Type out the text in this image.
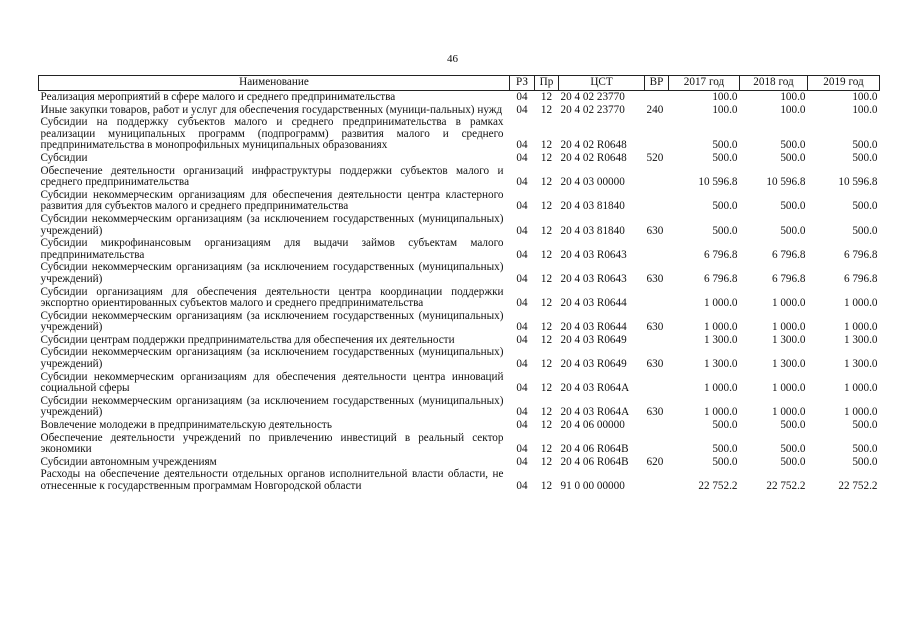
46
Наименование	РЗ	Пр	ЦСТ	ВР	2017 год	2018 год	2019 год
Реализация мероприятий в сфере малого и среднего предпринимательства	04	12	20 4 02 23770		100.0	100.0	100.0
Иные закупки товаров, работ и услуг для обеспечения государственных (муници-пальных) нужд	04	12	20 4 02 23770	240	100.0	100.0	100.0
Субсидии на поддержку субъектов малого и среднего предпринимательства в рамках реализации муниципальных программ (подпрограмм) развития малого и среднего предпринимательства в монопрофильных муниципальных образованиях	04	12	20 4 02 R0648		500.0	500.0	500.0
Субсидии	04	12	20 4 02 R0648	520	500.0	500.0	500.0
Обеспечение деятельности организаций инфраструктуры поддержки субъектов малого и среднего предпринимательства	04	12	20 4 03 00000		10 596.8	10 596.8	10 596.8
Субсидии некоммерческим организациям для обеспечения деятельности центра кластерного развития для субъектов малого и среднего предпринимательства	04	12	20 4 03 81840		500.0	500.0	500.0
Субсидии некоммерческим организациям (за исключением государственных (муниципальных) учреждений)	04	12	20 4 03 81840	630	500.0	500.0	500.0
Субсидии микрофинансовым организациям для выдачи займов субъектам малого предпринимательства	04	12	20 4 03 R0643		6 796.8	6 796.8	6 796.8
Субсидии некоммерческим организациям (за исключением государственных (муниципальных) учреждений)	04	12	20 4 03 R0643	630	6 796.8	6 796.8	6 796.8
Субсидии организациям для обеспечения деятельности центра координации поддержки экспортно ориентированных субъектов малого и среднего предпринимательства	04	12	20 4 03 R0644		1 000.0	1 000.0	1 000.0
Субсидии некоммерческим организациям (за исключением государственных (муниципальных) учреждений)	04	12	20 4 03 R0644	630	1 000.0	1 000.0	1 000.0
Субсидии центрам поддержки предпринимательства для обеспечения их деятельности	04	12	20 4 03 R0649		1 300.0	1 300.0	1 300.0
Субсидии некоммерческим организациям (за исключением государственных (муниципальных) учреждений)	04	12	20 4 03 R0649	630	1 300.0	1 300.0	1 300.0
Субсидии некоммерческим организациям для обеспечения деятельности центра инноваций социальной сферы	04	12	20 4 03 R064A		1 000.0	1 000.0	1 000.0
Субсидии некоммерческим организациям (за исключением государственных (муниципальных) учреждений)	04	12	20 4 03 R064A	630	1 000.0	1 000.0	1 000.0
Вовлечение молодежи в предпринимательскую деятельность	04	12	20 4 06 00000		500.0	500.0	500.0
Обеспечение деятельности учреждений по привлечению инвестиций в реальный сектор экономики	04	12	20 4 06 R064B		500.0	500.0	500.0
Субсидии автономным учреждениям	04	12	20 4 06 R064B	620	500.0	500.0	500.0
Расходы на обеспечение деятельности отдельных органов исполнительной власти области, не отнесенные к государственным программам Новгородской области	04	12	91 0 00 00000		22 752.2	22 752.2	22 752.2
